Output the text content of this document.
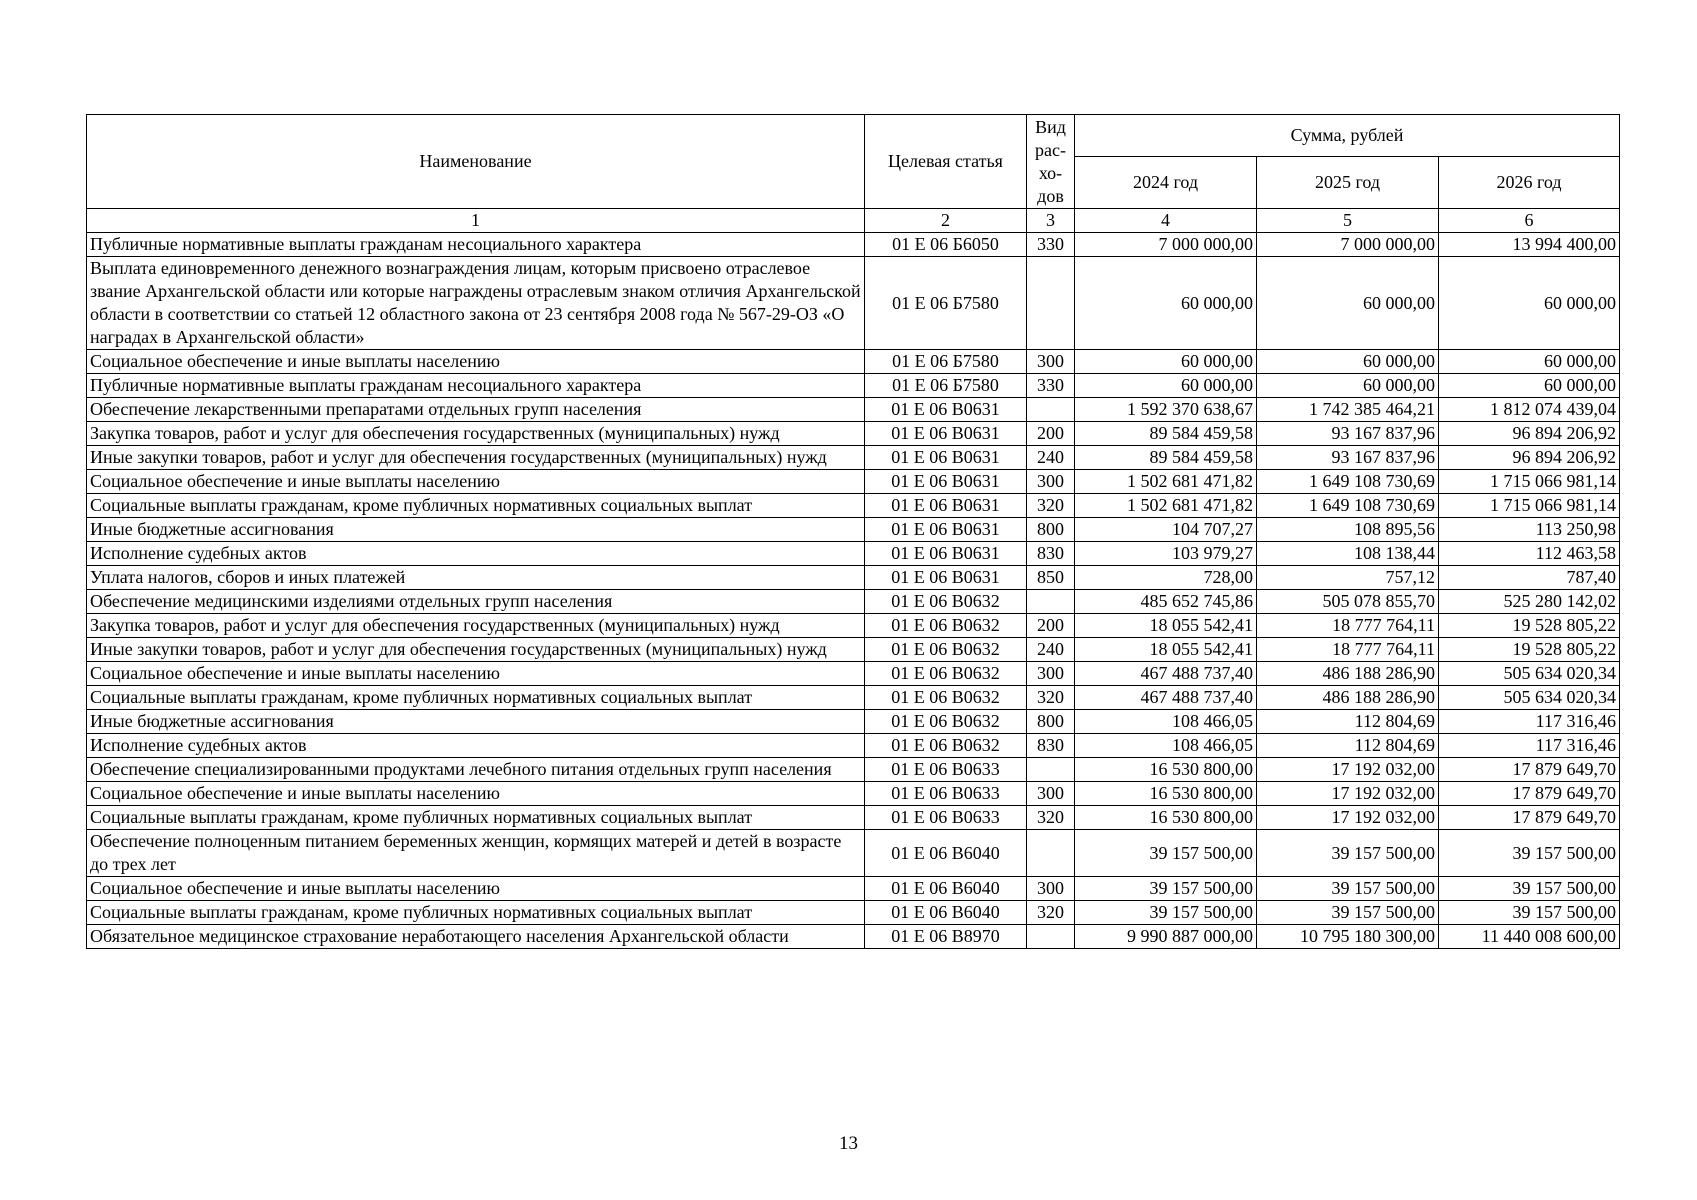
Наименование	Целевая статья	Вид рас-хо-дов	Сумма, рублей		
			2024 год	2025 год	2026 год
1	2	3	4	5	6
Публичные нормативные выплаты гражданам несоциального характера	01 Е 06 Б6050	330	7 000 000,00	7 000 000,00	13 994 400,00
Выплата единовременного денежного вознаграждения лицам, которым присвоено отраслевое звание Архангельской области или которые награждены отраслевым знаком отличия Архангельской области в соответствии со статьей 12 областного закона от 23 сентября 2008 года № 567-29-ОЗ «О наградах в Архангельской области»	01 Е 06 Б7580		60 000,00	60 000,00	60 000,00
Социальное обеспечение и иные выплаты населению	01 Е 06 Б7580	300	60 000,00	60 000,00	60 000,00
Публичные нормативные выплаты гражданам несоциального характера	01 Е 06 Б7580	330	60 000,00	60 000,00	60 000,00
Обеспечение лекарственными препаратами отдельных групп населения	01 Е 06 В0631		1 592 370 638,67	1 742 385 464,21	1 812 074 439,04
Закупка товаров, работ и услуг для обеспечения государственных (муниципальных) нужд	01 Е 06 В0631	200	89 584 459,58	93 167 837,96	96 894 206,92
Иные закупки товаров, работ и услуг для обеспечения государственных (муниципальных) нужд	01 Е 06 В0631	240	89 584 459,58	93 167 837,96	96 894 206,92
Социальное обеспечение и иные выплаты населению	01 Е 06 В0631	300	1 502 681 471,82	1 649 108 730,69	1 715 066 981,14
Социальные выплаты гражданам, кроме публичных нормативных социальных выплат	01 Е 06 В0631	320	1 502 681 471,82	1 649 108 730,69	1 715 066 981,14
Иные бюджетные ассигнования	01 Е 06 В0631	800	104 707,27	108 895,56	113 250,98
Исполнение судебных актов	01 Е 06 В0631	830	103 979,27	108 138,44	112 463,58
Уплата налогов, сборов и иных платежей	01 Е 06 В0631	850	728,00	757,12	787,40
Обеспечение медицинскими изделиями отдельных групп населения	01 Е 06 В0632		485 652 745,86	505 078 855,70	525 280 142,02
Закупка товаров, работ и услуг для обеспечения государственных (муниципальных) нужд	01 Е 06 В0632	200	18 055 542,41	18 777 764,11	19 528 805,22
Иные закупки товаров, работ и услуг для обеспечения государственных (муниципальных) нужд	01 Е 06 В0632	240	18 055 542,41	18 777 764,11	19 528 805,22
Социальное обеспечение и иные выплаты населению	01 Е 06 В0632	300	467 488 737,40	486 188 286,90	505 634 020,34
Социальные выплаты гражданам, кроме публичных нормативных социальных выплат	01 Е 06 В0632	320	467 488 737,40	486 188 286,90	505 634 020,34
Иные бюджетные ассигнования	01 Е 06 В0632	800	108 466,05	112 804,69	117 316,46
Исполнение судебных актов	01 Е 06 В0632	830	108 466,05	112 804,69	117 316,46
Обеспечение специализированными продуктами лечебного питания отдельных групп населения	01 Е 06 В0633		16 530 800,00	17 192 032,00	17 879 649,70
Социальное обеспечение и иные выплаты населению	01 Е 06 В0633	300	16 530 800,00	17 192 032,00	17 879 649,70
Социальные выплаты гражданам, кроме публичных нормативных социальных выплат	01 Е 06 В0633	320	16 530 800,00	17 192 032,00	17 879 649,70
Обеспечение полноценным питанием беременных женщин, кормящих матерей и детей в возрасте до трех лет	01 Е 06 В6040		39 157 500,00	39 157 500,00	39 157 500,00
Социальное обеспечение и иные выплаты населению	01 Е 06 В6040	300	39 157 500,00	39 157 500,00	39 157 500,00
Социальные выплаты гражданам, кроме публичных нормативных социальных выплат	01 Е 06 В6040	320	39 157 500,00	39 157 500,00	39 157 500,00
Обязательное медицинское страхование неработающего населения Архангельской области	01 Е 06 В8970		9 990 887 000,00	10 795 180 300,00	11 440 008 600,00
13
